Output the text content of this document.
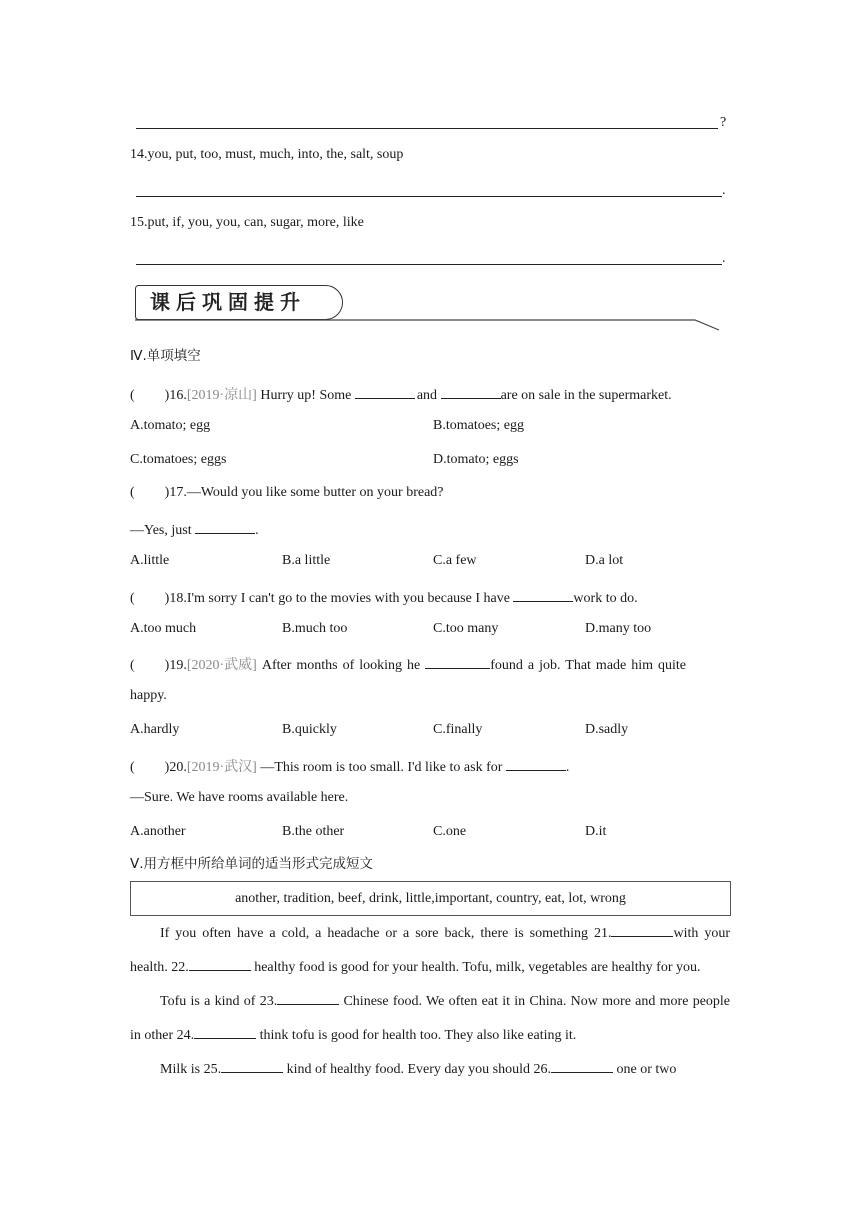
?
14.you, put, too, must, much, into, the, salt, soup
.
15.put, if, you, you, can, sugar, more, like
.
课后巩固提升
Ⅳ.单项填空
( )16.[2019·凉山] Hurry up! Some	and	are on sale in the supermarket.
A.tomato; egg	B.tomatoes; egg
C.tomatoes; eggs	D.tomato; eggs
( )17.—Would you like some butter on your bread?
—Yes, just	.
A.little	B.a little	C.a few	D.a lot
( )18.I'm sorry I can't go to the movies with you because I have	work to do.
A.too much	B.much too	C.too many	D.many too
( )19.[2020·武威] After months of looking he	found a job. That made him quite
happy.
A.hardly	B.quickly	C.finally	D.sadly
( )20.[2019·武汉] —This room is too small. I'd like to ask for	.
—Sure. We have rooms available here.
A.another	B.the other	C.one	D.it
Ⅴ.用方框中所给单词的适当形式完成短文
another, tradition, beef, drink, little,important, country, eat, lot, wrong

If you often have a cold, a headache or a sore back, there is something 21.	with your health. 22.	healthy food is good for your health. Tofu, milk, vegetables are healthy for you.

Tofu is a kind of 23.	Chinese food. We often eat it in China. Now more and more people in other 24.	think tofu is good for health too. They also like eating it.

Milk is 25.	kind of healthy food. Every day you should 26.	one or two
